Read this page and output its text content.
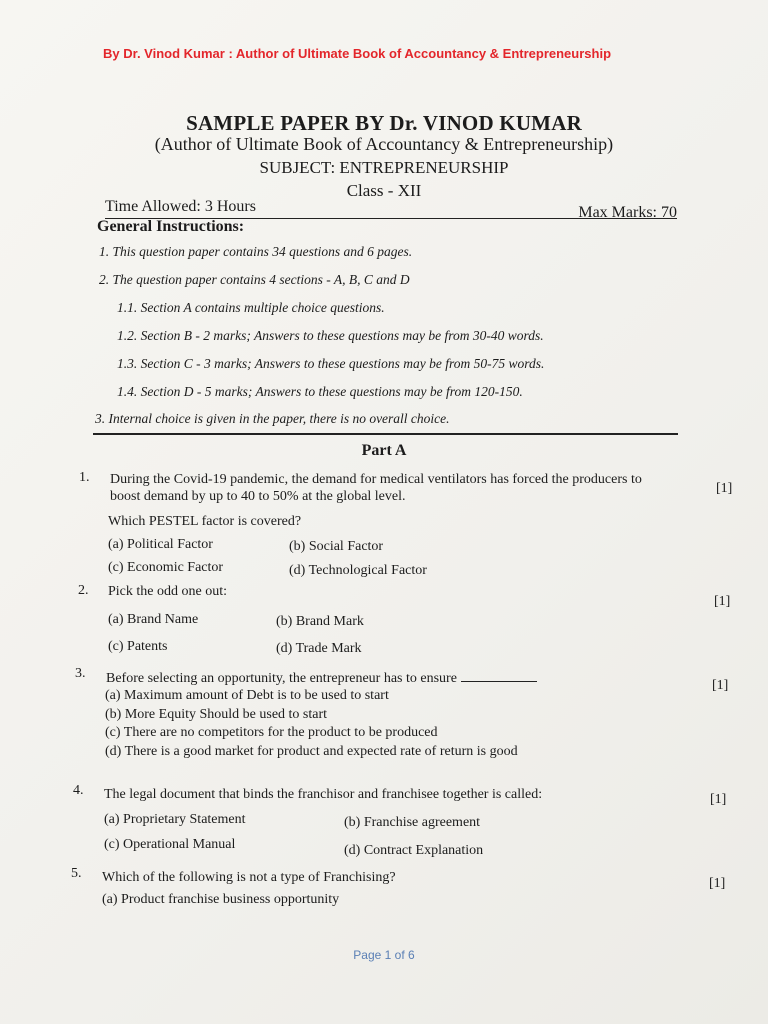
By Dr. Vinod Kumar : Author of Ultimate Book of Accountancy & Entrepreneurship
SAMPLE PAPER BY Dr. VINOD KUMAR
(Author of Ultimate Book of Accountancy & Entrepreneurship)
SUBJECT: ENTREPRENEURSHIP
Class - XII
Time Allowed: 3 Hours	Max Marks: 70
General Instructions:
1. This question paper contains 34 questions and 6 pages.
2. The question paper contains 4 sections - A, B, C and D
1.1. Section A contains multiple choice questions.
1.2. Section B - 2 marks; Answers to these questions may be from 30-40 words.
1.3. Section C - 3 marks; Answers to these questions may be from 50-75 words.
1.4. Section D - 5 marks; Answers to these questions may be from 120-150.
3. Internal choice is given in the paper, there is no overall choice.
Part A
1. During the Covid-19 pandemic, the demand for medical ventilators has forced the producers to
[1]
boost demand by up to 40 to 50% at the global level.
Which PESTEL factor is covered?
(a) Political Factor	(b) Social Factor
(c) Economic Factor	(d) Technological Factor
2. Pick the odd one out:
[1]
(a) Brand Name	(b) Brand Mark
(c) Patents	(d) Trade Mark
3. Before selecting an opportunity, the entrepreneur has to ensure	[1]
(a) Maximum amount of Debt is to be used to start
(b) More Equity Should be used to start
(c) There are no competitors for the product to be produced
(d) There is a good market for product and expected rate of return is good
4. The legal document that binds the franchisor and franchisee together is called:	[1]
(a) Proprietary Statement	(b) Franchise agreement
(c) Operational Manual	(d) Contract Explanation
5. Which of the following is not a type of Franchising?	[1]
(a) Product franchise business opportunity
Page 1 of 6
